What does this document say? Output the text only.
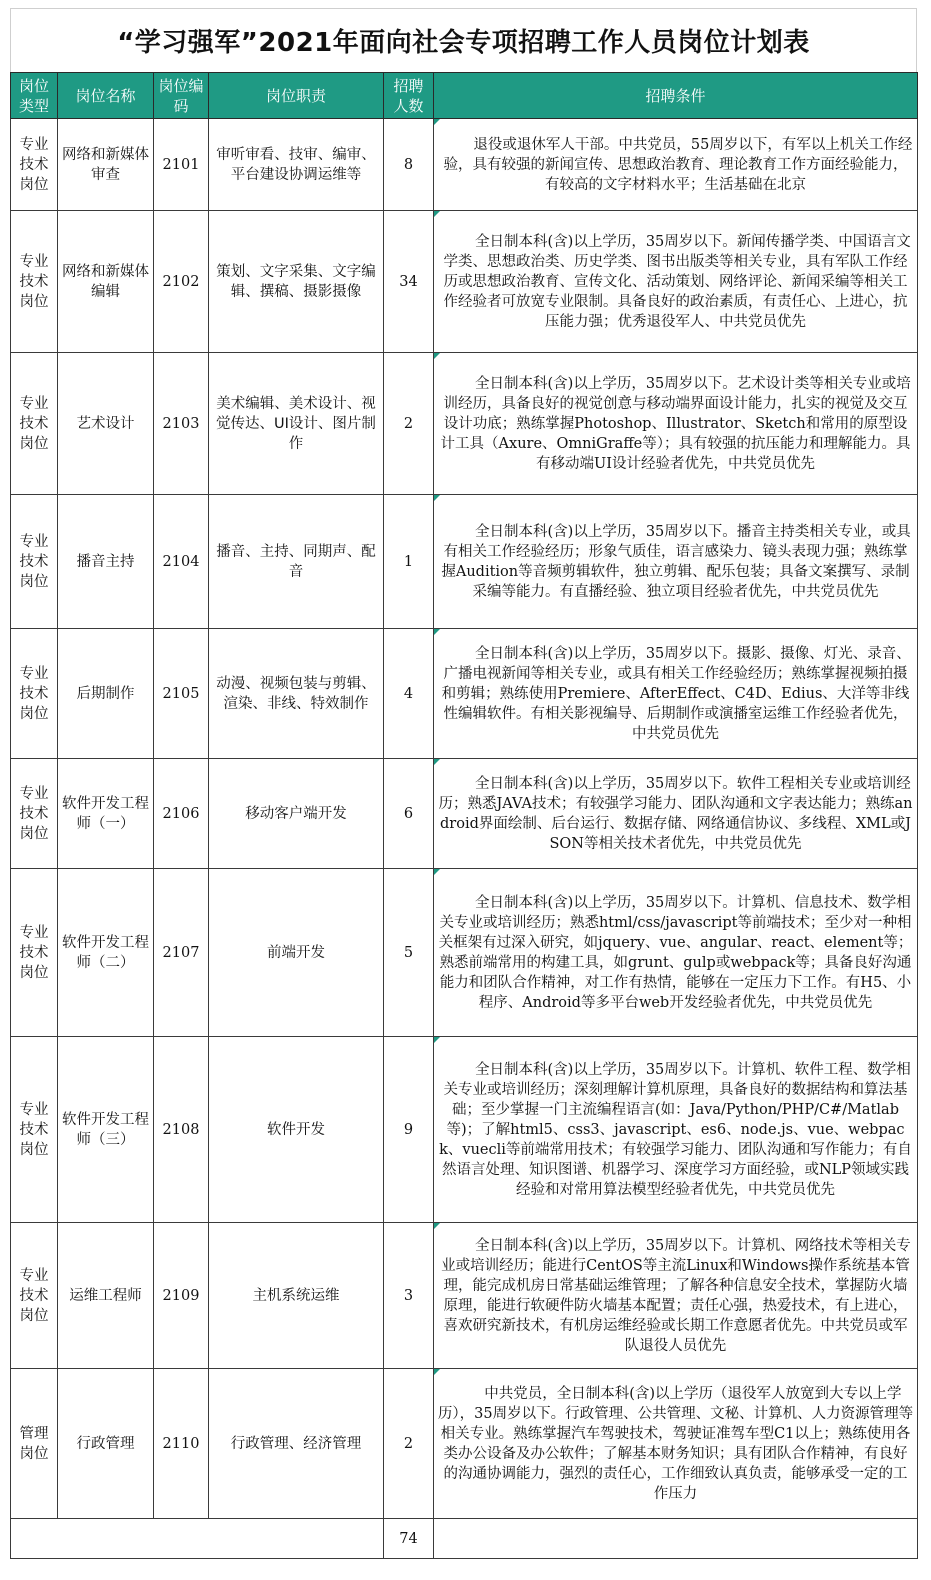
“学习强军”2021年面向社会专项招聘工作人员岗位计划表
岗位类型	岗位名称	岗位编码	岗位职责	招聘人数	招聘条件
专业技术岗位	网络和新媒体审查	2101	审听审看、技审、编审、平台建设协调运维等	8	退役或退休军人干部。中共党员，55周岁以下，有军以上机关工作经验，具有较强的新闻宣传、思想政治教育、理论教育工作方面经验能力，有较高的文字材料水平；生活基础在北京

专业技术岗位	网络和新媒体编辑	2102	策划、文字采集、文字编辑、撰稿、摄影摄像	34	全日制本科(含)以上学历，35周岁以下。新闻传播学类、中国语言文学类、思想政治类、历史学类、图书出版类等相关专业，具有军队工作经历或思想政治教育、宣传文化、活动策划、网络评论、新闻采编等相关工作经验者可放宽专业限制。具备良好的政治素质，有责任心、上进心，抗压能力强；优秀退役军人、中共党员优先

专业技术岗位	艺术设计	2103	美术编辑、美术设计、视觉传达、UI设计、图片制作	2	全日制本科(含)以上学历，35周岁以下。艺术设计类等相关专业或培训经历，具备良好的视觉创意与移动端界面设计能力，扎实的视觉及交互设计功底；熟练掌握Photoshop、Illustrator、Sketch和常用的原型设计工具（Axure、OmniGraffe等）；具有较强的抗压能力和理解能力。具有移动端UI设计经验者优先，中共党员优先

专业技术岗位	播音主持	2104	播音、主持、同期声、配音	1	全日制本科(含)以上学历，35周岁以下。播音主持类相关专业，或具有相关工作经验经历；形象气质佳，语言感染力、镜头表现力强；熟练掌握Audition等音频剪辑软件，独立剪辑、配乐包装；具备文案撰写、录制采编等能力。有直播经验、独立项目经验者优先，中共党员优先

专业技术岗位	后期制作	2105	动漫、视频包装与剪辑、渲染、非线、特效制作	4	全日制本科(含)以上学历，35周岁以下。摄影、摄像、灯光、录音、广播电视新闻等相关专业，或具有相关工作经验经历；熟练掌握视频拍摄和剪辑；熟练使用Premiere、AfterEffect、C4D、Edius、大洋等非线性编辑软件。有相关影视编导、后期制作或演播室运维工作经验者优先，中共党员优先

专业技术岗位	软件开发工程师（一）	2106	移动客户端开发	6	全日制本科(含)以上学历，35周岁以下。软件工程相关专业或培训经历；熟悉JAVA技术；有较强学习能力、团队沟通和文字表达能力；熟练android界面绘制、后台运行、数据存储、网络通信协议、多线程、XML或JSON等相关技术者优先，中共党员优先

专业技术岗位	软件开发工程师（二）	2107	前端开发	5	全日制本科(含)以上学历，35周岁以下。计算机、信息技术、数学相关专业或培训经历；熟悉html/css/javascript等前端技术；至少对一种相关框架有过深入研究，如jquery、vue、angular、react、element等；熟悉前端常用的构建工具，如grunt、gulp或webpack等；具备良好沟通能力和团队合作精神，对工作有热情，能够在一定压力下工作。有H5、小程序、Android等多平台web开发经验者优先，中共党员优先

专业技术岗位	软件开发工程师（三）	2108	软件开发	9	全日制本科(含)以上学历，35周岁以下。计算机、软件工程、数学相关专业或培训经历；深刻理解计算机原理，具备良好的数据结构和算法基础；至少掌握一门主流编程语言(如：Java/Python/PHP/C#/Matlab等)；了解html5、css3、javascript、es6、node.js、vue、webpack、vuecli等前端常用技术；有较强学习能力、团队沟通和写作能力；有自然语言处理、知识图谱、机器学习、深度学习方面经验，或NLP领域实践经验和对常用算法模型经验者优先，中共党员优先

专业技术岗位	运维工程师	2109	主机系统运维	3	全日制本科(含)以上学历，35周岁以下。计算机、网络技术等相关专业或培训经历；能进行CentOS等主流Linux和Windows操作系统基本管理，能完成机房日常基础运维管理；了解各种信息安全技术，掌握防火墙原理，能进行软硬件防火墙基本配置；责任心强，热爱技术，有上进心，喜欢研究新技术，有机房运维经验或长期工作意愿者优先。中共党员或军队退役人员优先

管理岗位	行政管理	2110	行政管理、经济管理	2	中共党员，全日制本科(含)以上学历（退役军人放宽到大专以上学历），35周岁以下。行政管理、公共管理、文秘、计算机、人力资源管理等相关专业。熟练掌握汽车驾驶技术，驾驶证准驾车型C1以上；熟练使用各类办公设备及办公软件；了解基本财务知识；具有团队合作精神，有良好的沟通协调能力，强烈的责任心，工作细致认真负责，能够承受一定的工作压力

				74	
